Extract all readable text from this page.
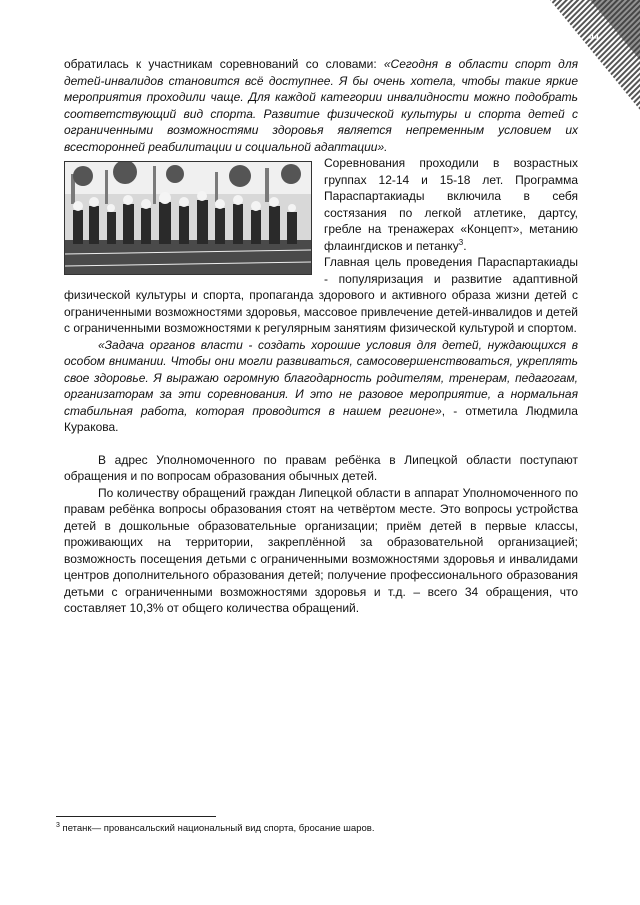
44

обратилась к участникам соревнований со словами: «Сегодня в области спорт для детей-инвалидов становится всё доступнее. Я бы очень хотела, чтобы такие яркие мероприятия проходили чаще. Для каждой категории инвалидности можно подобрать соответствующий вид спорта. Развитие физической культуры и спорта детей с ограниченными возможностями здоровья является непременным условием их всесторонней реабилитации и социальной адаптации».

Соревнования проходили в возрастных группах 12-14 и 15-18 лет. Программа Параспартакиады включила в себя состязания по легкой атлетике, дартсу, гребле на тренажерах «Концепт», метанию флаингдисков и петанку$^3$.

Главная цель проведения Параспартакиады - популяризация и развитие адаптивной физической культуры и спорта, пропаганда здорового и активного образа жизни детей с ограниченными возможностями здоровья, массовое привлечение детей-инвалидов и детей с ограниченными возможностями к регулярным занятиям физической культурой и спортом.

«Задача органов власти - создать хорошие условия для детей, нуждающихся в особом внимании. Чтобы они могли развиваться, самосовершенствоваться, укреплять свое здоровье. Я выражаю огромную благодарность родителям, тренерам, педагогам, организаторам за эти соревнования. И это не разовое мероприятие, а нормальная стабильная работа, которая проводится в нашем регионе», - отметила Людмила Куракова.

В адрес Уполномоченного по правам ребёнка в Липецкой области поступают обращения и по вопросам образования обычных детей.

По количеству обращений граждан Липецкой области в аппарат Уполномоченного по правам ребёнка вопросы образования стоят на четвёртом месте. Это вопросы устройства детей в дошкольные образовательные организации; приём детей в первые классы, проживающих на территории, закреплённой за образовательной организацией; возможность посещения детьми с ограниченными возможностями здоровья и инвалидами центров дополнительного образования детей; получение профессионального образования детьми с ограниченными возможностями здоровья и т.д. – всего 34 обращения, что составляет 10,3% от общего количества обращений.

$^3$ петанк— провансальский национальный вид спорта, бросание шаров.
